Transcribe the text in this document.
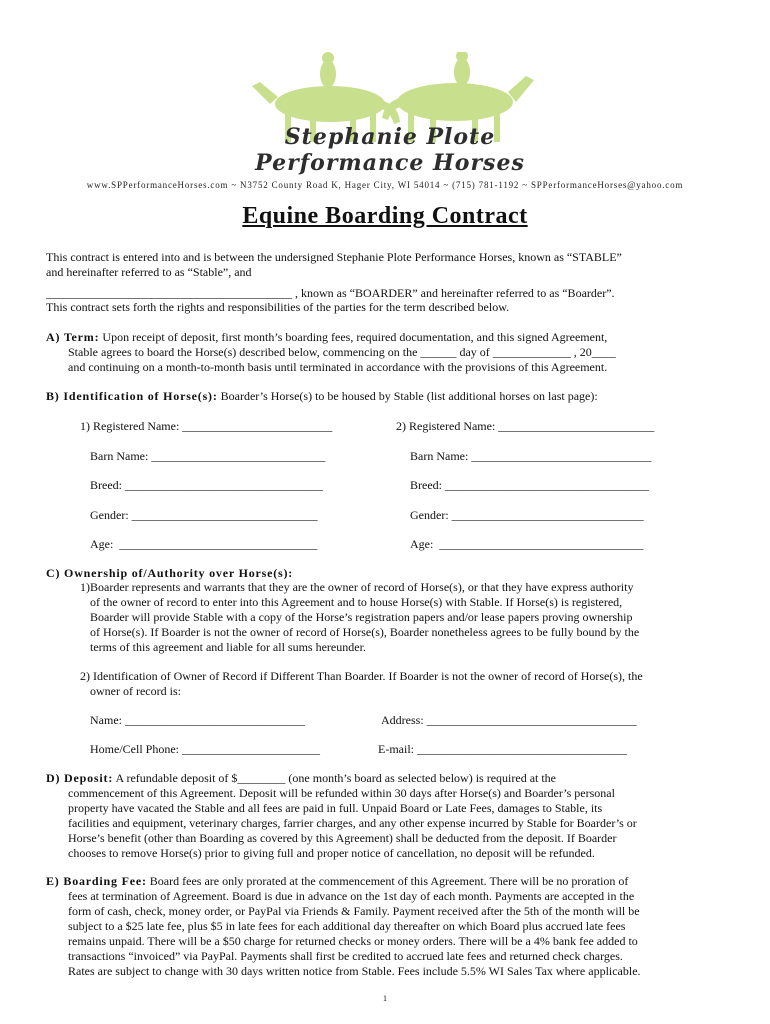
Stephanie Plote
Performance Horses
www.SPPerformanceHorses.com ~ N3752 County Road K, Hager City, WI 54014 ~ (715) 781-1192 ~ SPPerformanceHorses@yahoo.com
Equine Boarding Contract
This contract is entered into and is between the undersigned Stephanie Plote Performance Horses, known as “STABLE”
and hereinafter referred to as “Stable”, and
_________________________________________ , known as “BOARDER” and hereinafter referred to as “Boarder”.
This contract sets forth the rights and responsibilities of the parties for the term described below.
A) Term: Upon receipt of deposit, first month’s boarding fees, required documentation, and this signed Agreement,
Stable agrees to board the Horse(s) described below, commencing on the ______ day of _____________ , 20____
and continuing on a month-to-month basis until terminated in accordance with the provisions of this Agreement.
B) Identification of Horse(s): Boarder’s Horse(s) to be housed by Stable (list additional horses on last page):
1) Registered Name: _________________________	2) Registered Name: __________________________
Barn Name: _____________________________	Barn Name: ______________________________
Breed: _________________________________	Breed: __________________________________
Gender: _______________________________	Gender: ________________________________
Age:  _________________________________	Age:  __________________________________
C) Ownership of/Authority over Horse(s):
1)Boarder represents and warrants that they are the owner of record of Horse(s), or that they have express authority
of the owner of record to enter into this Agreement and to house Horse(s) with Stable. If Horse(s) is registered,
Boarder will provide Stable with a copy of the Horse’s registration papers and/or lease papers proving ownership
of Horse(s). If Boarder is not the owner of record of Horse(s), Boarder nonetheless agrees to be fully bound by the
terms of this agreement and liable for all sums hereunder.
2) Identification of Owner of Record if Different Than Boarder. If Boarder is not the owner of record of Horse(s), the
owner of record is:
Name: ______________________________	Address: ___________________________________
Home/Cell Phone: _______________________	E-mail: ___________________________________
D) Deposit: A refundable deposit of $________ (one month’s board as selected below) is required at the
commencement of this Agreement. Deposit will be refunded within 30 days after Horse(s) and Boarder’s personal
property have vacated the Stable and all fees are paid in full. Unpaid Board or Late Fees, damages to Stable, its
facilities and equipment, veterinary charges, farrier charges, and any other expense incurred by Stable for Boarder’s or
Horse’s benefit (other than Boarding as covered by this Agreement) shall be deducted from the deposit. If Boarder
chooses to remove Horse(s) prior to giving full and proper notice of cancellation, no deposit will be refunded.
E) Boarding Fee: Board fees are only prorated at the commencement of this Agreement. There will be no proration of
fees at termination of Agreement. Board is due in advance on the 1st day of each month. Payments are accepted in the
form of cash, check, money order, or PayPal via Friends & Family. Payment received after the 5th of the month will be
subject to a $25 late fee, plus $5 in late fees for each additional day thereafter on which Board plus accrued late fees
remains unpaid. There will be a $50 charge for returned checks or money orders. There will be a 4% bank fee added to
transactions “invoiced” via PayPal. Payments shall first be credited to accrued late fees and returned check charges.
Rates are subject to change with 30 days written notice from Stable. Fees include 5.5% WI Sales Tax where applicable.
1
